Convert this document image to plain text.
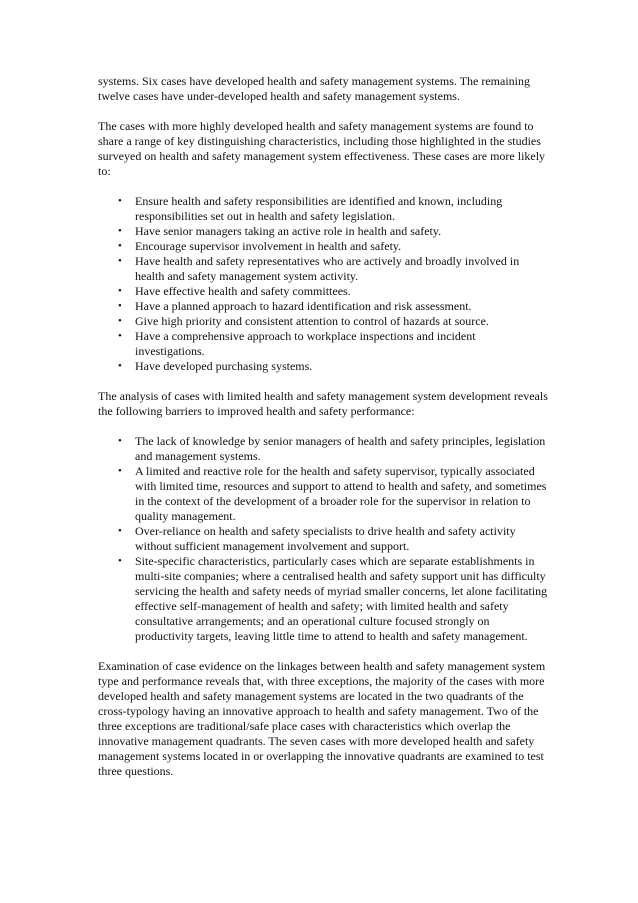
systems. Six cases have developed health and safety management systems. The remaining twelve cases have under-developed health and safety management systems.

The cases with more highly developed health and safety management systems are found to share a range of key distinguishing characteristics, including those highlighted in the studies surveyed on health and safety management system effectiveness. These cases are more likely to:

• Ensure health and safety responsibilities are identified and known, including responsibilities set out in health and safety legislation.
• Have senior managers taking an active role in health and safety.
• Encourage supervisor involvement in health and safety.
• Have health and safety representatives who are actively and broadly involved in health and safety management system activity.
• Have effective health and safety committees.
• Have a planned approach to hazard identification and risk assessment.
• Give high priority and consistent attention to control of hazards at source.
• Have a comprehensive approach to workplace inspections and incident investigations.
• Have developed purchasing systems.

The analysis of cases with limited health and safety management system development reveals the following barriers to improved health and safety performance:

• The lack of knowledge by senior managers of health and safety principles, legislation and management systems.
• A limited and reactive role for the health and safety supervisor, typically associated with limited time, resources and support to attend to health and safety, and sometimes in the context of the development of a broader role for the supervisor in relation to quality management.
• Over-reliance on health and safety specialists to drive health and safety activity without sufficient management involvement and support.
• Site-specific characteristics, particularly cases which are separate establishments in multi-site companies; where a centralised health and safety support unit has difficulty servicing the health and safety needs of myriad smaller concerns, let alone facilitating effective self-management of health and safety; with limited health and safety consultative arrangements; and an operational culture focused strongly on productivity targets, leaving little time to attend to health and safety management.

Examination of case evidence on the linkages between health and safety management system type and performance reveals that, with three exceptions, the majority of the cases with more developed health and safety management systems are located in the two quadrants of the cross-typology having an innovative approach to health and safety management. Two of the three exceptions are traditional/safe place cases with characteristics which overlap the innovative management quadrants. The seven cases with more developed health and safety management systems located in or overlapping the innovative quadrants are examined to test three questions.
